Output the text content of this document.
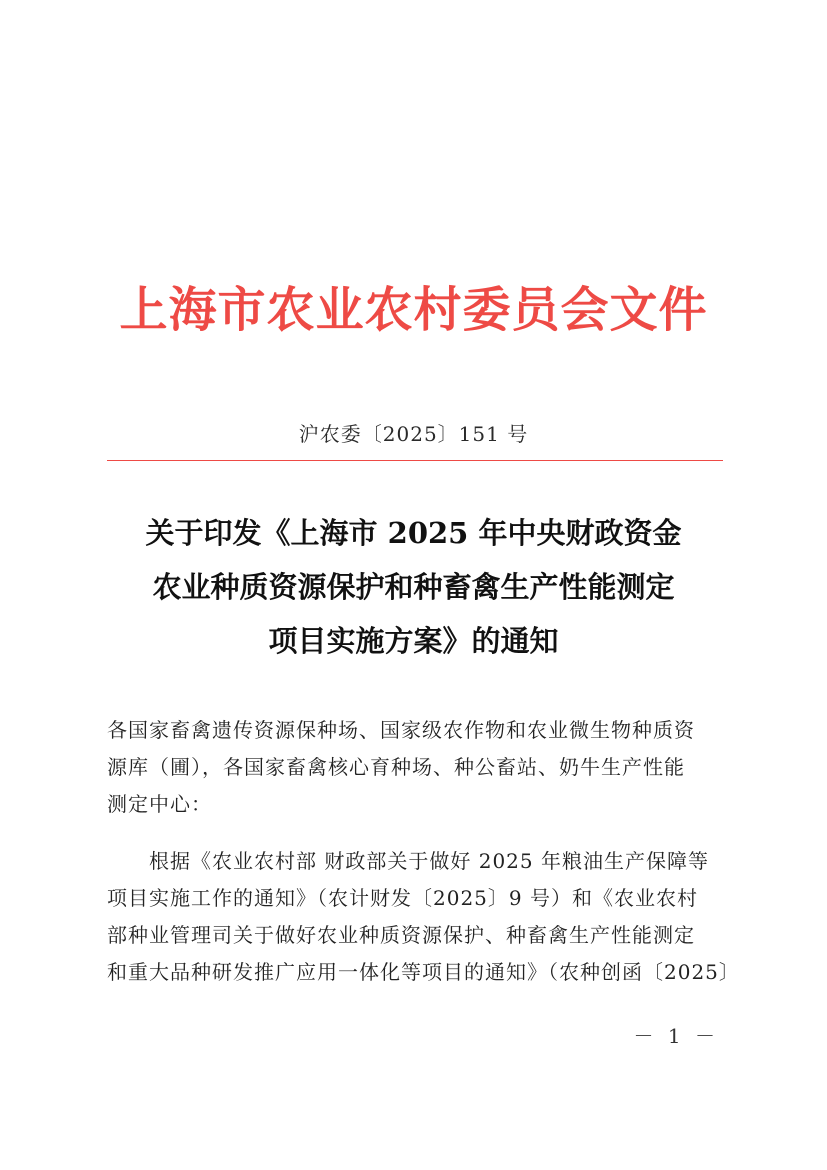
上海市农业农村委员会文件
沪农委〔2025〕151 号
关于印发《上海市 2025 年中央财政资金
农业种质资源保护和种畜禽生产性能测定
项目实施方案》的通知
各国家畜禽遗传资源保种场、国家级农作物和农业微生物种质资
源库（圃），各国家畜禽核心育种场、种公畜站、奶牛生产性能
测定中心：
根据《农业农村部 财政部关于做好 2025 年粮油生产保障等
项目实施工作的通知》（农计财发〔2025〕9 号）和《农业农村
部种业管理司关于做好农业种质资源保护、种畜禽生产性能测定
和重大品种研发推广应用一体化等项目的通知》（农种创函〔2025〕
－ 1 －
